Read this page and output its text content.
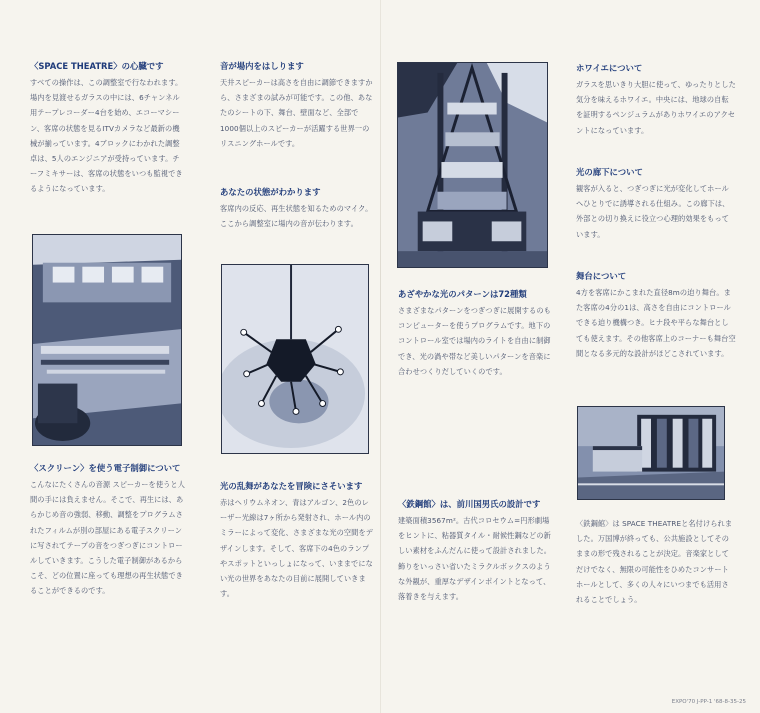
〈SPACE THEATRE〉の心臓です
すべての操作は、この調整室で行なわれます。場内を見渡せるガラスの中には、6チャンネル用テープレコーダー4台を始め、エコーマシーン、客席の状態を見るITVカメラなど最新の機械が揃っています。4ブロックにわかれた調整卓は、5人のエンジニアが受持っています。チーフミキサーは、客席の状態をいつも監視できるようになっています。
〈スクリーン〉を使う電子制御について
こんなにたくさんの音源 スピーカーを使うと人間の手には負えません。そこで、再生には、あらかじめ音の強弱、移動、調整をプログラムされたフィルムが別の部屋にある電子スクリーンに写されてテープの音をつぎつぎにコントロールしていきます。こうした電子制御があるからこそ、どの位置に座っても理想の再生状態できることができるのです。
音が場内をはしります
天井スピーカーは高さを自由に調節できますから、さまざまの試みが可能です。この他、あなたのシートの下、舞台、壁面など、全部で1000個以上のスピーカーが活躍する世界一のリスニングホールです。
あなたの状態がわかります
客席内の反応、再生状態を知るためのマイク。ここから調整室に場内の音が伝わります。
光の乱舞があなたを冒険にさそいます
赤はヘリウムネオン、青はアルゴン、2色のレーザー光線は7ヶ所から発射され、ホール内のミラーによって変化、さまざまな光の空間をデザインします。そして、客席下の4色のランプやスポットといっしょになって、いままでにない光の世界をあなたの目前に展開していきます。
あざやかな光のパターンは72種類
さまざまなパターンをつぎつぎに展開するのもコンピューターを使うプログラムです。地下のコントロール室では場内のライトを自由に制御でき、光の渦や帯など美しいパターンを音楽に合わせつくりだしていくのです。
〈鉄鋼館〉は、前川国男氏の設計です
建築面積3567m²。古代コロセウム=円形劇場をヒントに、粘器質タイル・耐候性鋼などの新しい素材をふんだんに使って設計されました。飾りをいっさい省いたミラクルボックスのような外観が、重厚なデザインポイントとなって、落着きを与えます。
ホワイエについて
ガラスを思いきり大胆に使って、ゆったりとした気分を味えるホワイエ。中央には、地球の自転を証明するペンジュラムがありホワイエのアクセントになっています。
光の廊下について
観客が入ると、つぎつぎに光が変化してホールへひとりでに誘導される仕組み。この廊下は、外部との切り換えに役立つ心理的効果をもっています。
舞台について
4方を客席にかこまれた直径8mの迫り舞台。また客席の4分の1は、高さを自由にコントロールできる迫り機構つき。ヒナ段や平らな舞台としても使えます。その他客席上のコーナーも舞台空間となる多元的な設計がほどこされています。
〈鉄鋼館〉は SPACE THEATREと名付けられました。万国博が終っても、公共施設としてそのままの形で残されることが決定。音楽家としてだけでなく、無限の可能性をひめたコンサートホールとして、多くの人々にいつまでも活用されることでしょう。
EXPO'70 J-PP-1 '68-8-35-25
